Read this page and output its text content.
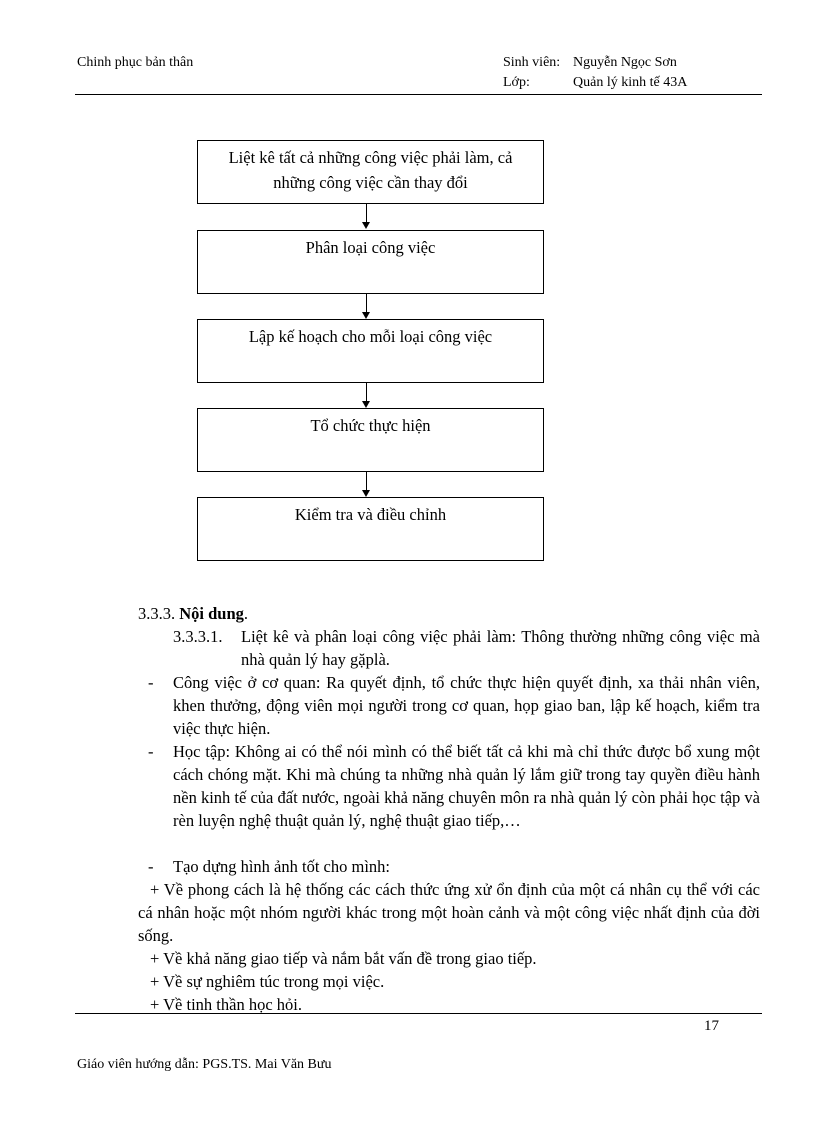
Chinh phục bản thân	Sinh viên: Nguyễn Ngọc Sơn
Lớp:	Quản lý kinh tế 43A
Liệt kê tất cả những công việc phải làm, cả những công việc cần thay đổi
Phân loại công việc
Lập kế hoạch cho mỗi loại công việc
Tổ chức thực hiện
Kiểm tra và điều chỉnh
3.3.3. Nội dung.
3.3.3.1. Liệt kê và phân loại công việc phải làm: Thông thường những công việc mà nhà quản lý hay gặplà.
- Công việc ở cơ quan: Ra quyết định, tổ chức thực hiện quyết định, xa thải nhân viên, khen thưởng, động viên mọi người trong cơ quan, họp giao ban, lập kế hoạch, kiểm tra việc thực hiện.
- Học tập: Không ai có thể nói mình có thể biết tất cả khi mà chỉ thức được bổ xung một cách chóng mặt. Khi mà chúng ta những nhà quản lý lắm giữ trong tay quyền điều hành nền kinh tế của đất nước, ngoài khả năng chuyên môn ra nhà quản lý còn phải học tập và rèn luyện nghệ thuật quản lý, nghệ thuật giao tiếp,…
- Tạo dựng hình ảnh tốt cho mình:
+ Về phong cách là hệ thống các cách thức ứng xử ổn định của một cá nhân cụ thể với các cá nhân hoặc một nhóm người khác trong một hoàn cảnh và một công việc nhất định của đời sống.
+ Về khả năng giao tiếp và nắm bắt vấn đề trong giao tiếp.
+ Về sự nghiêm túc trong mọi việc.
+ Về tinh thần học hỏi.
17
Giáo viên hướng dẫn: PGS.TS. Mai Văn Bưu
